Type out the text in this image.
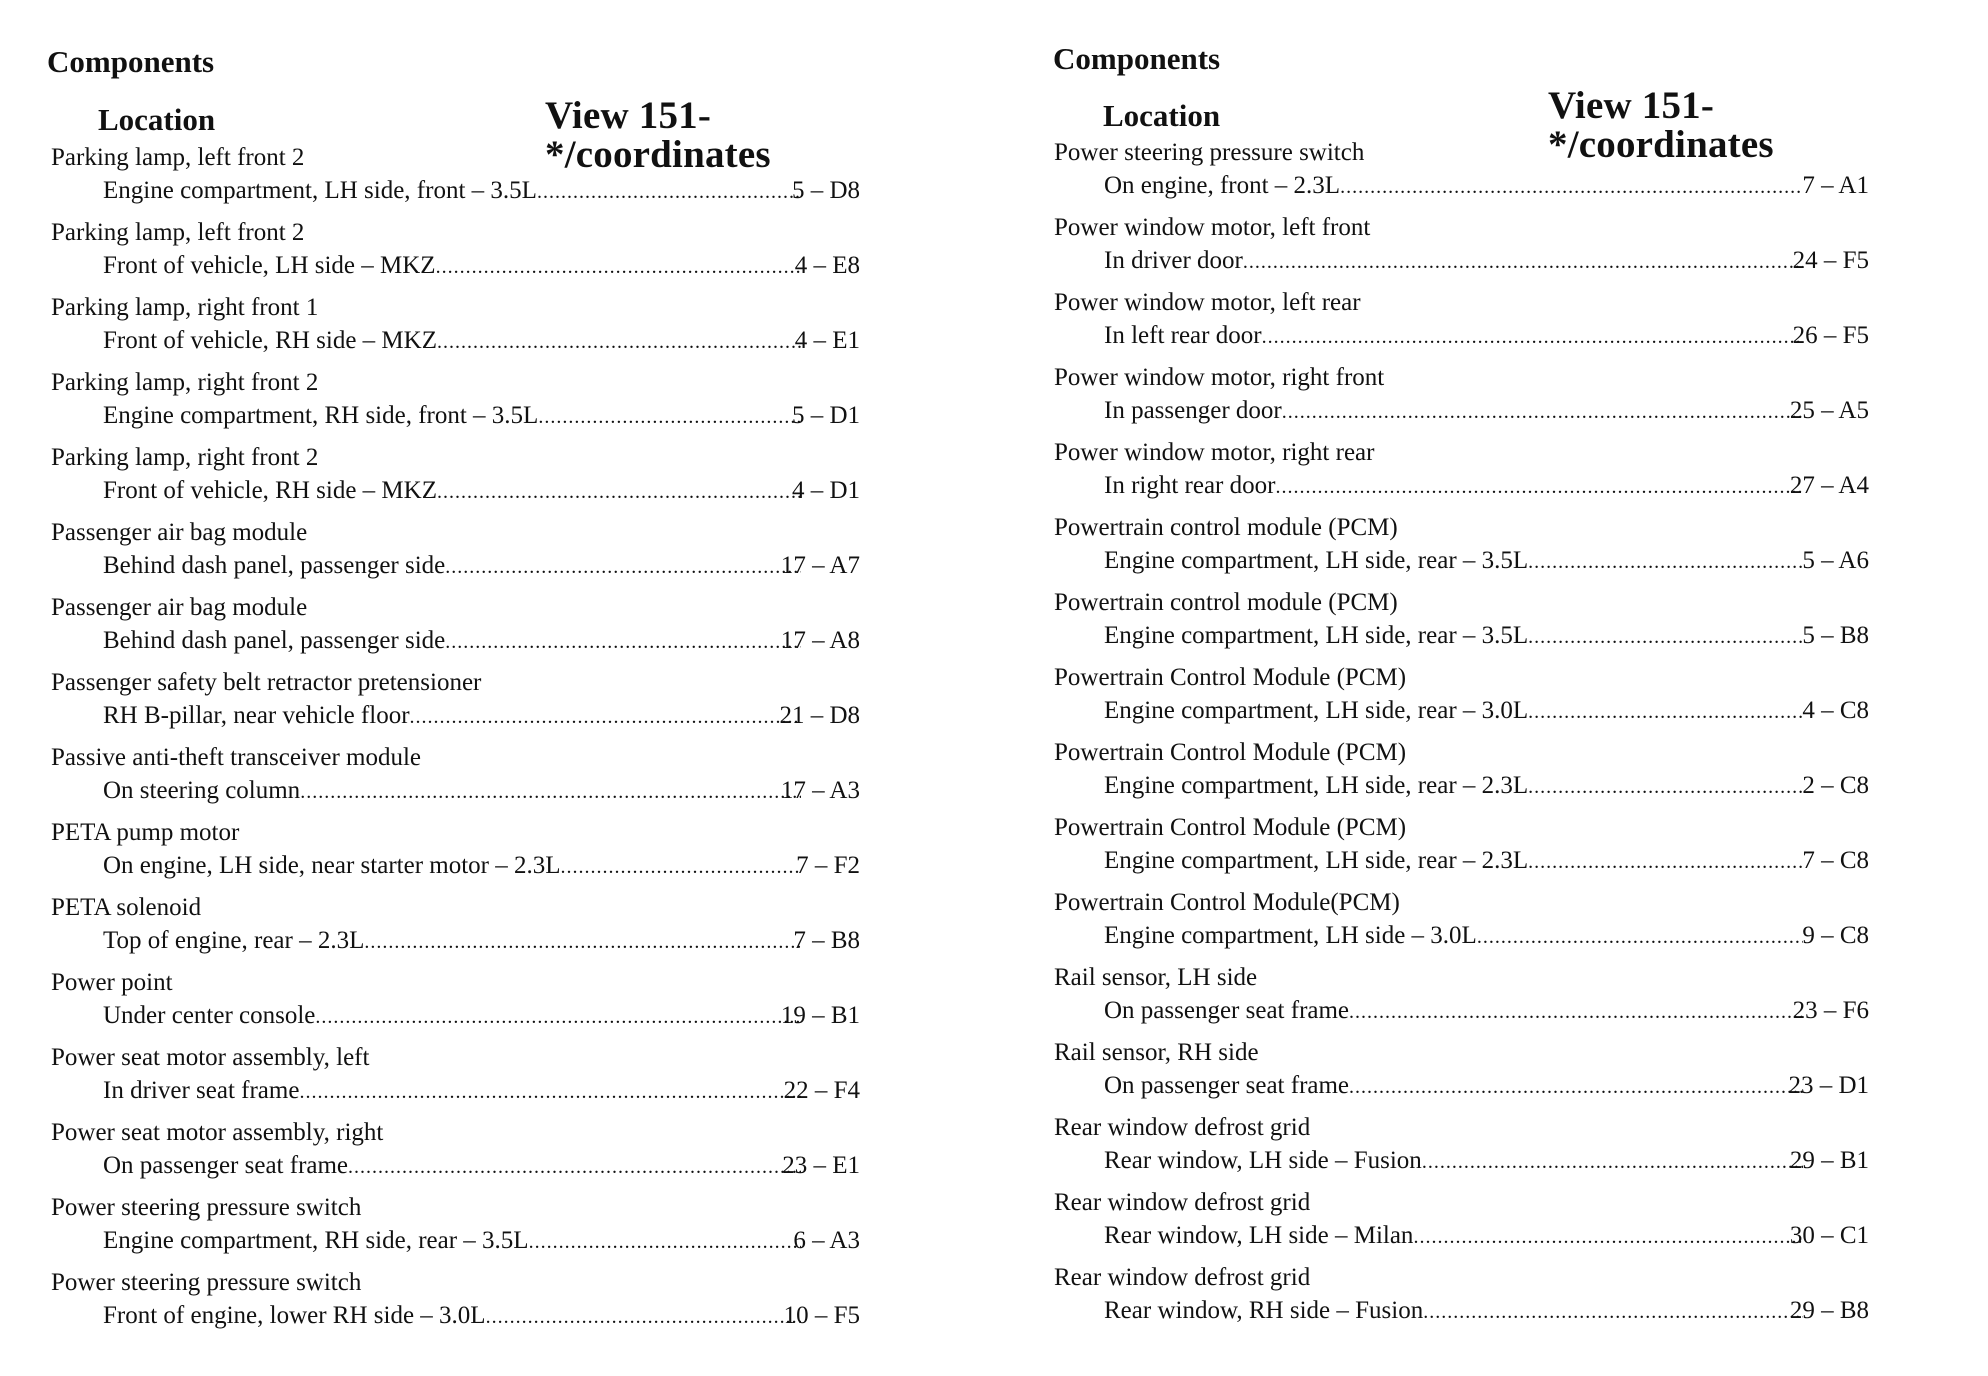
Components
Location	View 151-*/coordinates
Parking lamp, left front 2
Engine compartment, LH side, front – 3.5L .....	5 – D8
Parking lamp, left front 2
Front of vehicle, LH side – MKZ .....	4 – E8
Parking lamp, right front 1
Front of vehicle, RH side – MKZ .....	4 – E1
Parking lamp, right front 2
Engine compartment, RH side, front – 3.5L .....	5 – D1
Parking lamp, right front 2
Front of vehicle, RH side – MKZ .....	4 – D1
Passenger air bag module
Behind dash panel, passenger side .....	17 – A7
Passenger air bag module
Behind dash panel, passenger side .....	17 – A8
Passenger safety belt retractor pretensioner
RH B-pillar, near vehicle floor .....	21 – D8
Passive anti-theft transceiver module
On steering column .....	17 – A3
PETA pump motor
On engine, LH side, near starter motor – 2.3L .....	7 – F2
PETA solenoid
Top of engine, rear – 2.3L .....	7 – B8
Power point
Under center console .....	19 – B1
Power seat motor assembly, left
In driver seat frame .....	22 – F4
Power seat motor assembly, right
On passenger seat frame .....	23 – E1
Power steering pressure switch
Engine compartment, RH side, rear – 3.5L .....	6 – A3
Power steering pressure switch
Front of engine, lower RH side – 3.0L .....	10 – F5
Components
Location	View 151-*/coordinates
Power steering pressure switch
On engine, front – 2.3L .....	7 – A1
Power window motor, left front
In driver door .....	24 – F5
Power window motor, left rear
In left rear door .....	26 – F5
Power window motor, right front
In passenger door .....	25 – A5
Power window motor, right rear
In right rear door .....	27 – A4
Powertrain control module (PCM)
Engine compartment, LH side, rear – 3.5L .....	5 – A6
Powertrain control module (PCM)
Engine compartment, LH side, rear – 3.5L .....	5 – B8
Powertrain Control Module (PCM)
Engine compartment, LH side, rear – 3.0L .....	4 – C8
Powertrain Control Module (PCM)
Engine compartment, LH side, rear – 2.3L .....	2 – C8
Powertrain Control Module (PCM)
Engine compartment, LH side, rear – 2.3L .....	7 – C8
Powertrain Control Module(PCM)
Engine compartment, LH side – 3.0L .....	9 – C8
Rail sensor, LH side
On passenger seat frame .....	23 – F6
Rail sensor, RH side
On passenger seat frame .....	23 – D1
Rear window defrost grid
Rear window, LH side – Fusion .....	29 – B1
Rear window defrost grid
Rear window, LH side – Milan .....	30 – C1
Rear window defrost grid
Rear window, RH side – Fusion .....	29 – B8
